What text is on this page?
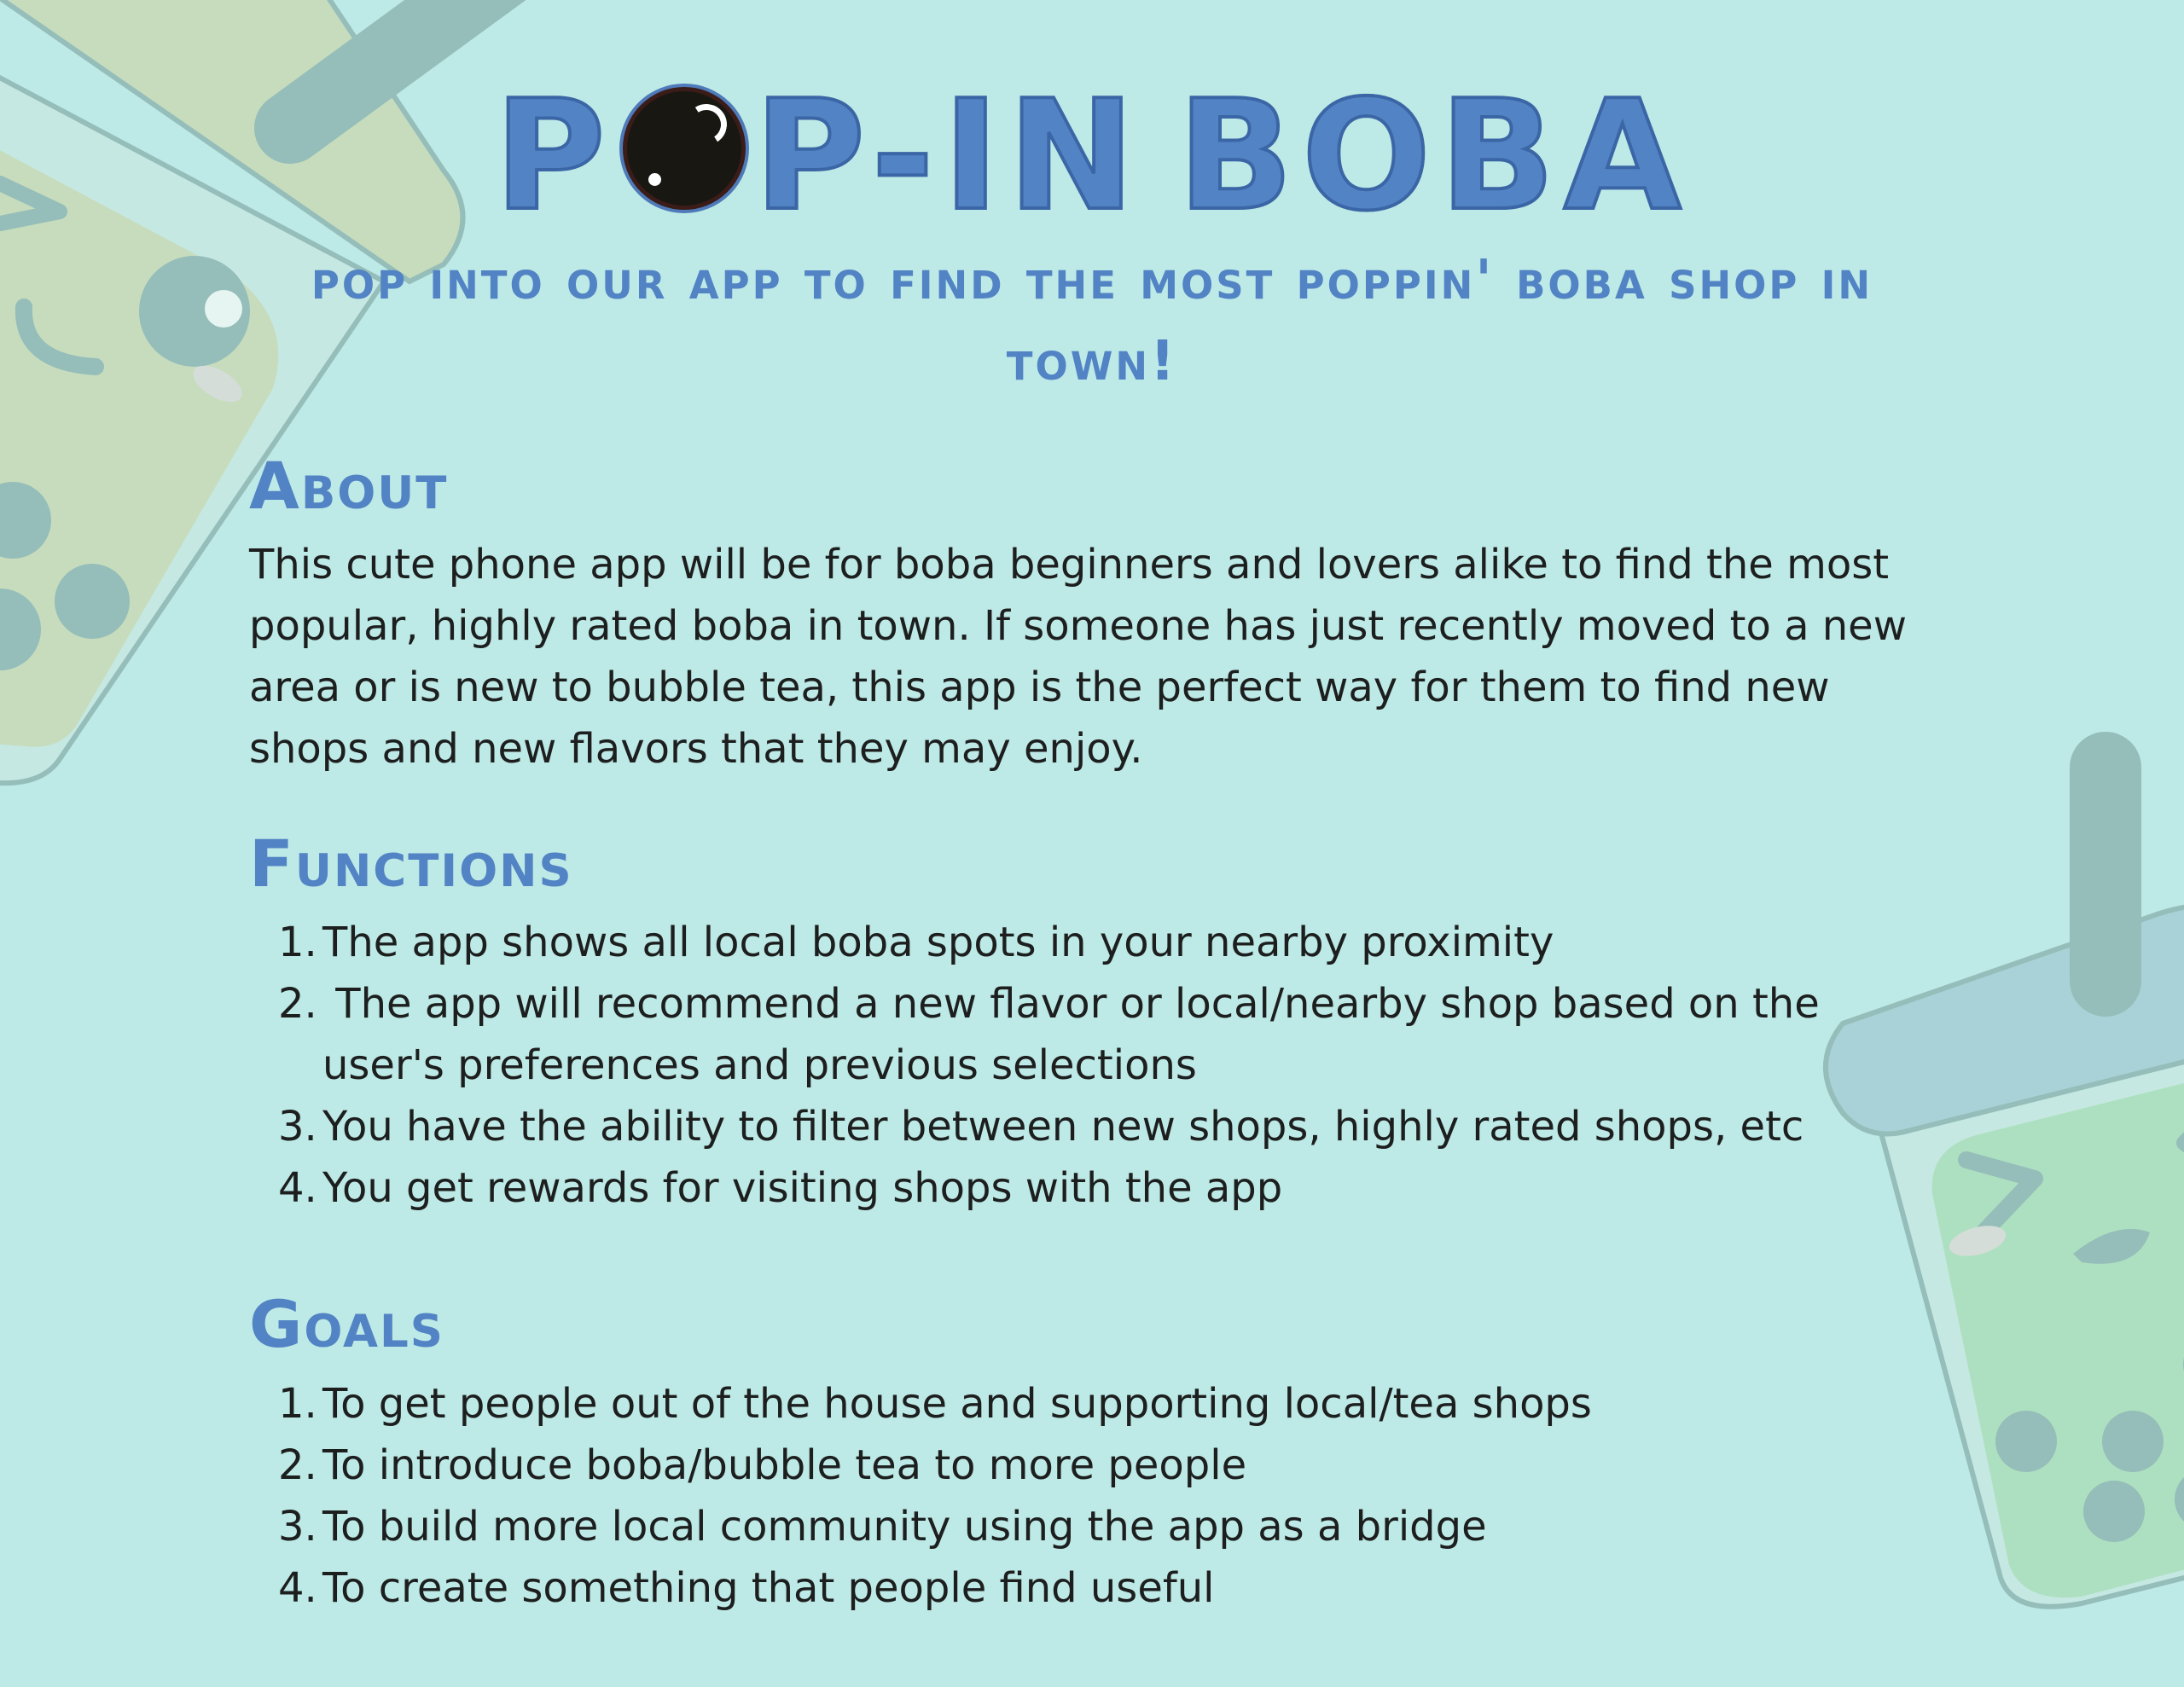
P P-IN BOBA
pop into our app to find the most poppin' boba shop in town!
About

This cute phone app will be for boba beginners and lovers alike to find the most popular, highly rated boba in town. If someone has just recently moved to a new area or is new to bubble tea, this app is the perfect way for them to find new shops and new flavors that they may enjoy.

Functions
1. The app shows all local boba spots in your nearby proximity
2. The app will recommend a new flavor or local/nearby shop based on the user's preferences and previous selections
3. You have the ability to filter between new shops, highly rated shops, etc
4. You get rewards for visiting shops with the app
Goals
1. To get people out of the house and supporting local/tea shops
2. To introduce boba/bubble tea to more people
3. To build more local community using the app as a bridge
4. To create something that people find useful
